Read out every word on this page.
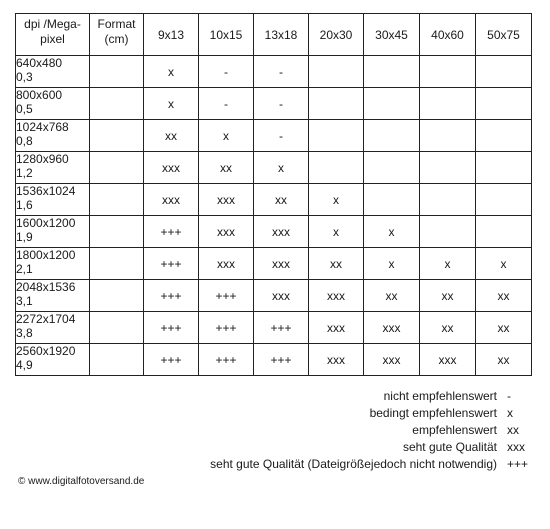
dpi /Mega-
pixel	Format
(cm)	9x13	10x15	13x18	20x30	30x45	40x60	50x75

640x480
0,3		x	-	-				

800x600
0,5		x	-	-				

1024x768
0,8		xx	x	-				

1280x960
1,2		xxx	xx	x				

1536x1024
1,6		xxx	xxx	xx	x			

1600x1200
1,9		+++	xxx	xxx	x	x		

1800x1200
2,1		+++	xxx	xxx	xx	x	x	x

2048x1536
3,1		+++	+++	xxx	xxx	xx	xx	xx

2272x1704
3,8		+++	+++	+++	xxx	xxx	xx	xx

2560x1920
4,9		+++	+++	+++	xxx	xxx	xxx	xx
nicht empfehlenswert -
bedingt empfehlenswert x
empfehlenswert xx
seht gute Qualität xxx
seht gute Qualität (Dateigrößejedoch nicht notwendig) +++
© www.digitalfotoversand.de
